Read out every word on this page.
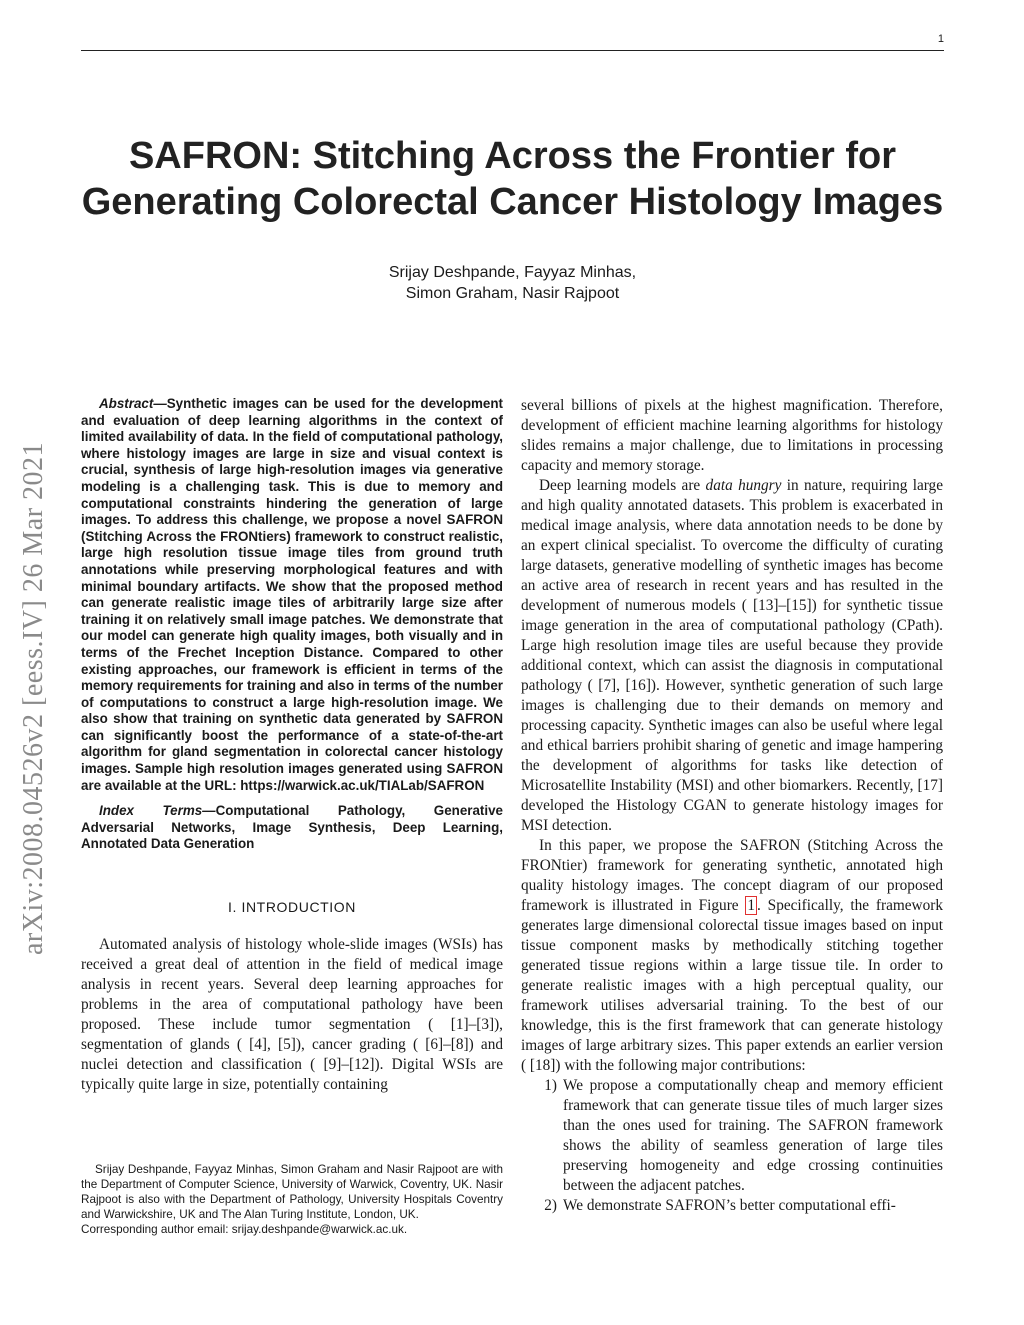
1
arXiv:2008.04526v2 [eess.IV] 26 Mar 2021
SAFRON: Stitching Across the Frontier for Generating Colorectal Cancer Histology Images
Srijay Deshpande, Fayyaz Minhas,
Simon Graham, Nasir Rajpoot

Abstract—Synthetic images can be used for the development and evaluation of deep learning algorithms in the context of limited availability of data. In the field of computational pathology, where histology images are large in size and visual context is crucial, synthesis of large high-resolution images via generative modeling is a challenging task. This is due to memory and computational constraints hindering the generation of large images. To address this challenge, we propose a novel SAFRON (Stitching Across the FRONtiers) framework to construct realistic, large high resolution tissue image tiles from ground truth annotations while preserving morphological features and with minimal boundary artifacts. We show that the proposed method can generate realistic image tiles of arbitrarily large size after training it on relatively small image patches. We demonstrate that our model can generate high quality images, both visually and in terms of the Frechet Inception Distance. Compared to other existing approaches, our framework is efficient in terms of the memory requirements for training and also in terms of the number of computations to construct a large high-resolution image. We also show that training on synthetic data generated by SAFRON can significantly boost the performance of a state-of-the-art algorithm for gland segmentation in colorectal cancer histology images. Sample high resolution images generated using SAFRON are available at the URL: https://warwick.ac.uk/TIALab/SAFRON

Index Terms—Computational Pathology, Generative Adversarial Networks, Image Synthesis, Deep Learning, Annotated Data Generation

I. INTRODUCTION

Automated analysis of histology whole-slide images (WSIs) has received a great deal of attention in the field of medical image analysis in recent years. Several deep learning approaches for problems in the area of computational pathology have been proposed. These include tumor segmentation ( [1]–[3]), segmentation of glands ( [4], [5]), cancer grading ( [6]–[8]) and nuclei detection and classification ( [9]–[12]). Digital WSIs are typically quite large in size, potentially containing

several billions of pixels at the highest magnification. Therefore, development of efficient machine learning algorithms for histology slides remains a major challenge, due to limitations in processing capacity and memory storage.

Deep learning models are data hungry in nature, requiring large and high quality annotated datasets. This problem is exacerbated in medical image analysis, where data annotation needs to be done by an expert clinical specialist. To overcome the difficulty of curating large datasets, generative modelling of synthetic images has become an active area of research in recent years and has resulted in the development of numerous models ( [13]–[15]) for synthetic tissue image generation in the area of computational pathology (CPath). Large high resolution image tiles are useful because they provide additional context, which can assist the diagnosis in computational pathology ( [7], [16]). However, synthetic generation of such large images is challenging due to their demands on memory and processing capacity. Synthetic images can also be useful where legal and ethical barriers prohibit sharing of genetic and image hampering the development of algorithms for tasks like detection of Microsatellite Instability (MSI) and other biomarkers. Recently, [17] developed the Histology CGAN to generate histology images for MSI detection.

In this paper, we propose the SAFRON (Stitching Across the FRONtier) framework for generating synthetic, annotated high quality histology images. The concept diagram of our proposed framework is illustrated in Figure 1 . Specifically, the framework generates large dimensional colorectal tissue images based on input tissue component masks by methodically stitching together generated tissue regions within a large tissue tile. In order to generate realistic images with a high perceptual quality, our framework utilises adversarial training. To the best of our knowledge, this is the first framework that can generate histology images of large arbitrary sizes. This paper extends an earlier version ( [18]) with the following major contributions:

1) We propose a computationally cheap and memory efficient framework that can generate tissue tiles of much larger sizes than the ones used for training. The SAFRON framework shows the ability of seamless generation of large tiles preserving homogeneity and edge crossing continuities between the adjacent patches.
2) We demonstrate SAFRON’s better computational effi-

Srijay Deshpande, Fayyaz Minhas, Simon Graham and Nasir Rajpoot are with the Department of Computer Science, University of Warwick, Coventry, UK. Nasir Rajpoot is also with the Department of Pathology, University Hospitals Coventry and Warwickshire, UK and The Alan Turing Institute, London, UK.

Corresponding author email: srijay.deshpande@warwick.ac.uk.
